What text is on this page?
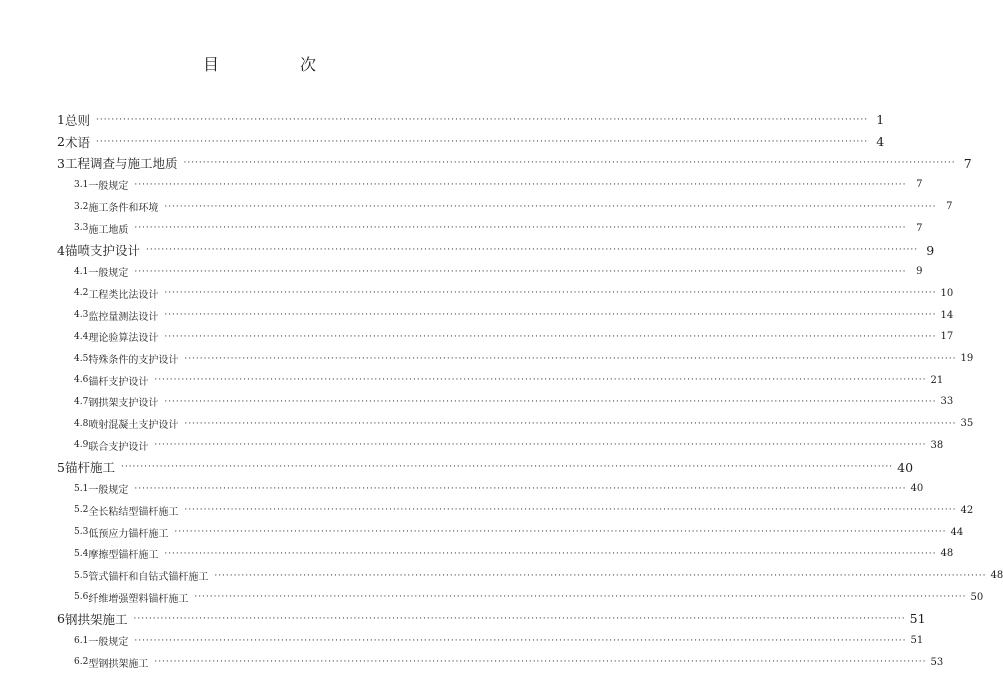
目 次
1 总则 ········································································································································································································ 1
2 术语 ········································································································································································································ 4
3 工程调查与施工地质 ········································································································································································································ 7
3.1 一般规定 ········································································································································································································ 7
3.2 施工条件和环境 ········································································································································································································ 7
3.3 施工地质 ········································································································································································································ 7
4 锚喷支护设计 ········································································································································································································ 9
4.1 一般规定 ········································································································································································································ 9
4.2 工程类比法设计 ········································································································································································································ 10
4.3 监控量测法设计 ········································································································································································································ 14
4.4 理论验算法设计 ········································································································································································································ 17
4.5 特殊条件的支护设计 ········································································································································································································ 19
4.6 锚杆支护设计 ········································································································································································································ 21
4.7 钢拱架支护设计 ········································································································································································································ 33
4.8 喷射混凝土支护设计 ········································································································································································································ 35
4.9 联合支护设计 ········································································································································································································ 38
5 锚杆施工 ········································································································································································································ 40
5.1 一般规定 ········································································································································································································ 40
5.2 全长粘结型锚杆施工 ········································································································································································································ 42
5.3 低预应力锚杆施工 ········································································································································································································ 44
5.4 摩擦型锚杆施工 ········································································································································································································ 48
5.5 管式锚杆和自钻式锚杆施工 ········································································································································································································ 48
5.6 纤维增强塑料锚杆施工 ········································································································································································································ 50
6 钢拱架施工 ········································································································································································································ 51
6.1 一般规定 ········································································································································································································ 51
6.2 型钢拱架施工 ········································································································································································································ 53
